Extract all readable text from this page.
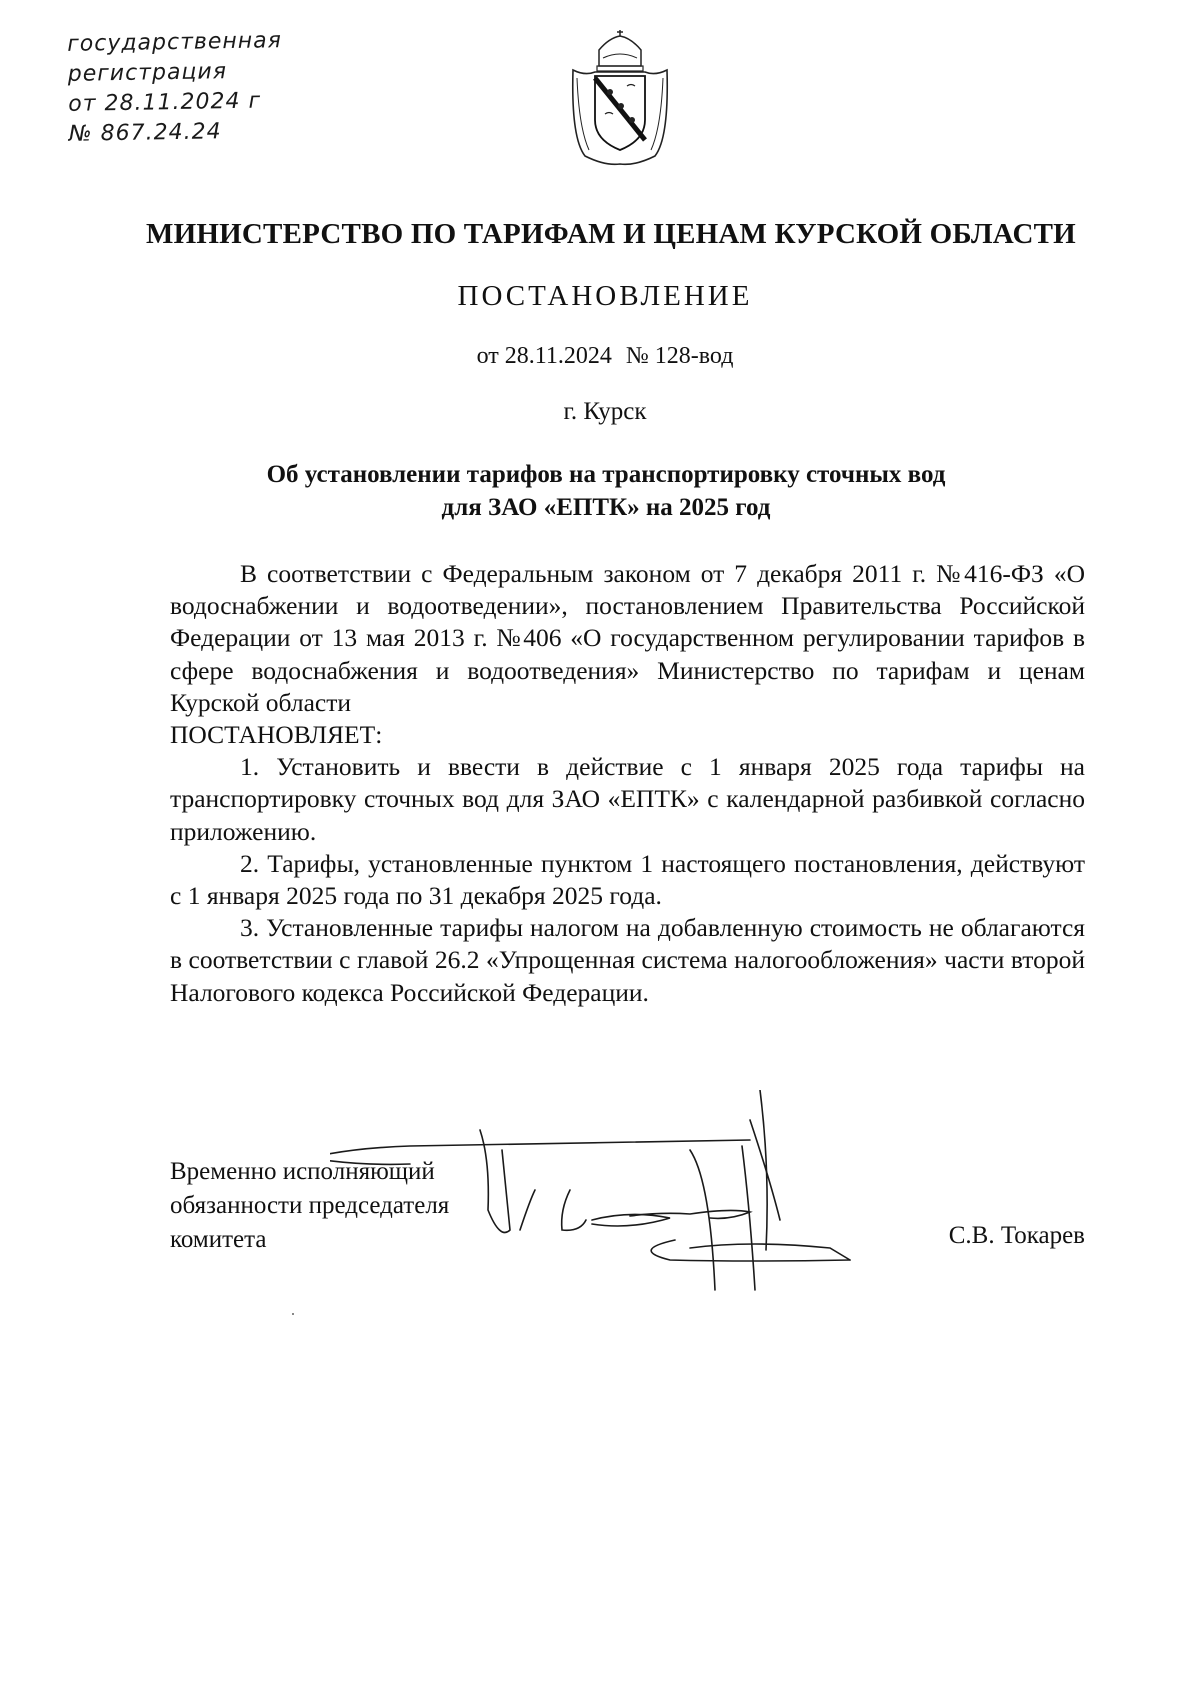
государственная
регистрация
от 28.11.2024 г
№ 867.24.24
МИНИСТЕРСТВО ПО ТАРИФАМ И ЦЕНАМ КУРСКОЙ ОБЛАСТИ
ПОСТАНОВЛЕНИЕ
от 28.11.2024 № 128-вод
г. Курск
Об установлении тарифов на транспортировку сточных вод
для ЗАО «ЕПТК» на 2025 год

В соответствии с Федеральным законом от 7 декабря 2011 г. №416-ФЗ «О водоснабжении и водоотведении», постановлением Правительства Российской Федерации от 13 мая 2013 г. №406 «О государственном регулировании тарифов в сфере водоснабжения и водоотведения» Министерство по тарифам и ценам Курской области

ПОСТАНОВЛЯЕТ:

1. Установить и ввести в действие с 1 января 2025 года тарифы на транспортировку сточных вод для ЗАО «ЕПТК» с календарной разбивкой согласно приложению.

2. Тарифы, установленные пунктом 1 настоящего постановления, действуют с 1 января 2025 года по 31 декабря 2025 года.

3. Установленные тарифы налогом на добавленную стоимость не облагаются в соответствии с главой 26.2 «Упрощенная система налогообложения» части второй Налогового кодекса Российской Федерации.

Временно исполняющий
обязанности председателя
комитета	С.В. Токарев
